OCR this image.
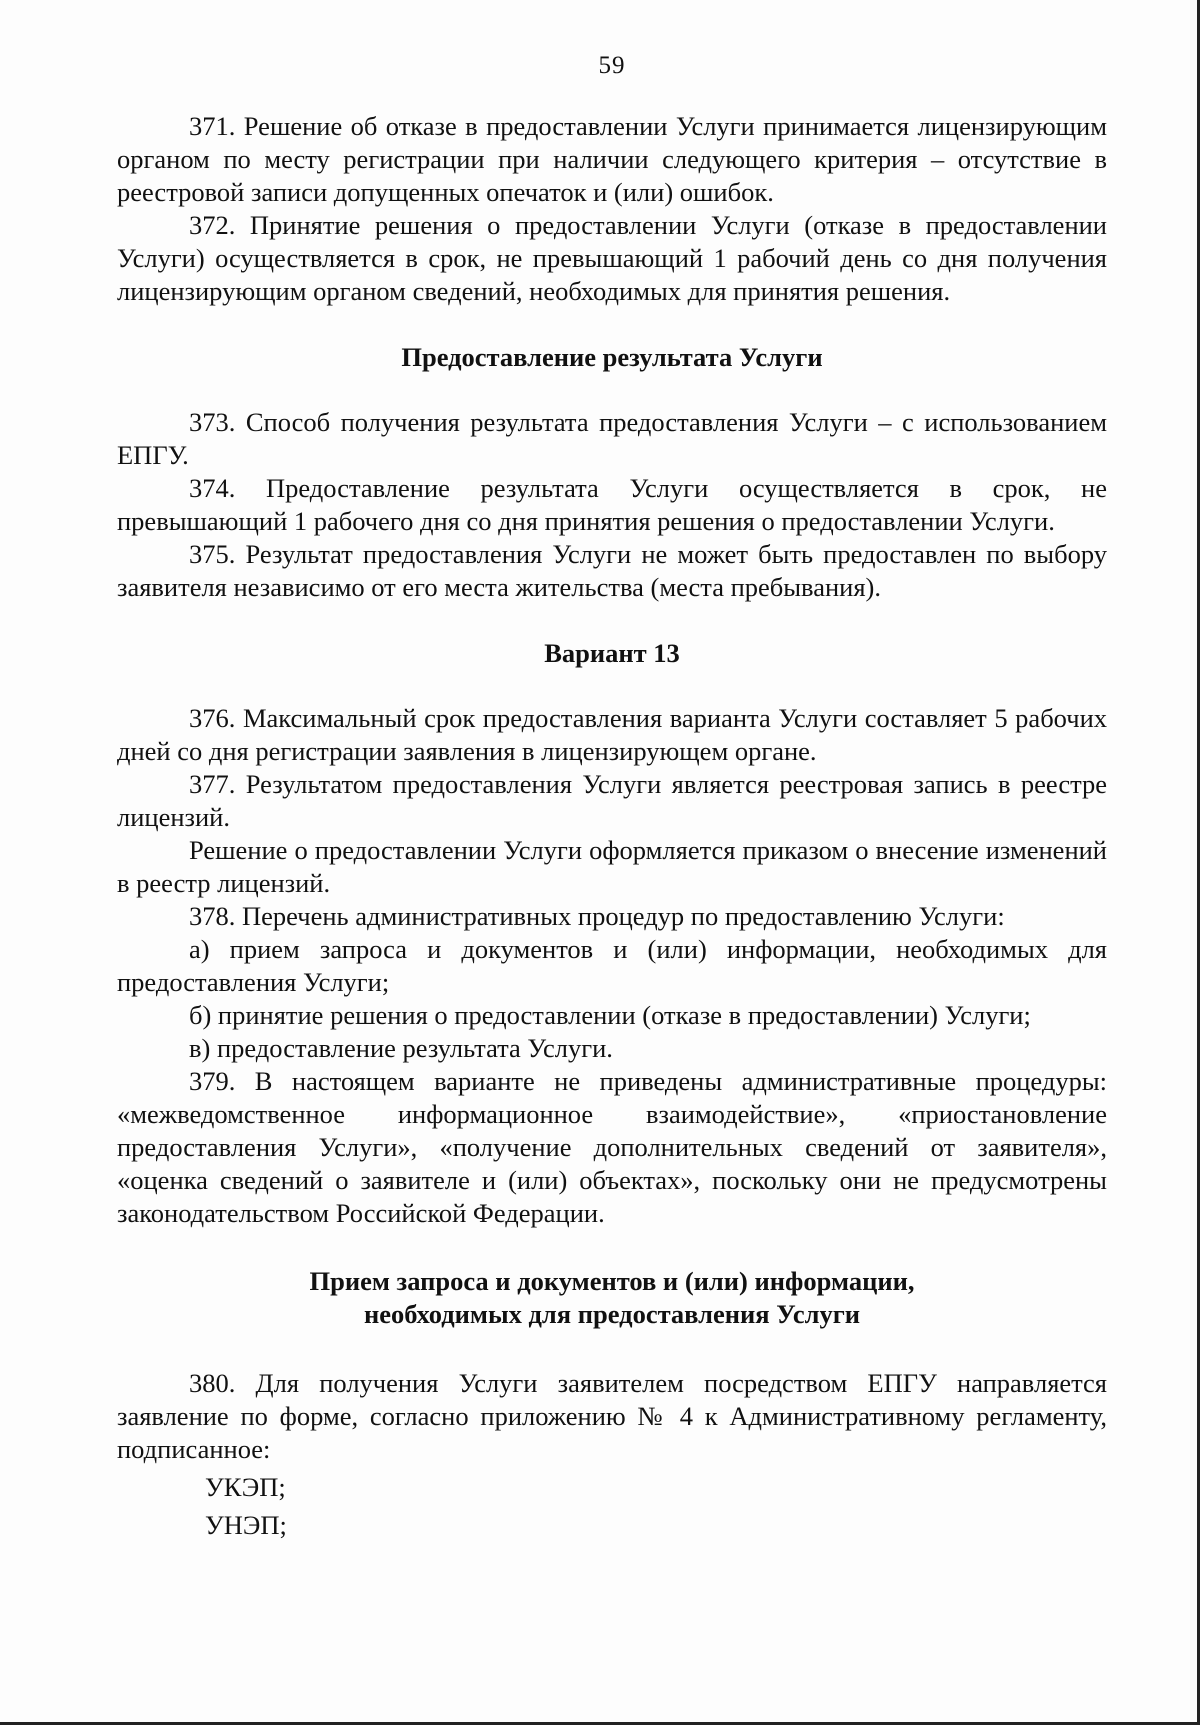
59

371. Решение об отказе в предоставлении Услуги принимается лицензирующим органом по месту регистрации при наличии следующего критерия – отсутствие в реестровой записи допущенных опечаток и (или) ошибок.

372. Принятие решения о предоставлении Услуги (отказе в предоставлении Услуги) осуществляется в срок, не превышающий 1 рабочий день со дня получения лицензирующим органом сведений, необходимых для принятия решения.

Предоставление результата Услуги

373. Способ получения результата предоставления Услуги – с использованием ЕПГУ.

374. Предоставление результата Услуги осуществляется в срок, не превышающий 1 рабочего дня со дня принятия решения о предоставлении Услуги.

375. Результат предоставления Услуги не может быть предоставлен по выбору заявителя независимо от его места жительства (места пребывания).

Вариант 13

376. Максимальный срок предоставления варианта Услуги составляет 5 рабочих дней со дня регистрации заявления в лицензирующем органе.

377. Результатом предоставления Услуги является реестровая запись в реестре лицензий.

Решение о предоставлении Услуги оформляется приказом о внесение изменений в реестр лицензий.

378. Перечень административных процедур по предоставлению Услуги:

а) прием запроса и документов и (или) информации, необходимых для предоставления Услуги;

б) принятие решения о предоставлении (отказе в предоставлении) Услуги;

в) предоставление результата Услуги.

379. В настоящем варианте не приведены административные процедуры: «межведомственное информационное взаимодействие», «приостановление предоставления Услуги», «получение дополнительных сведений от заявителя», «оценка сведений о заявителе и (или) объектах», поскольку они не предусмотрены законодательством Российской Федерации.

Прием запроса и документов и (или) информации,
необходимых для предоставления Услуги

380. Для получения Услуги заявителем посредством ЕПГУ направляется заявление по форме, согласно приложению № 4 к Административному регламенту, подписанное:

УКЭП;
УНЭП;
